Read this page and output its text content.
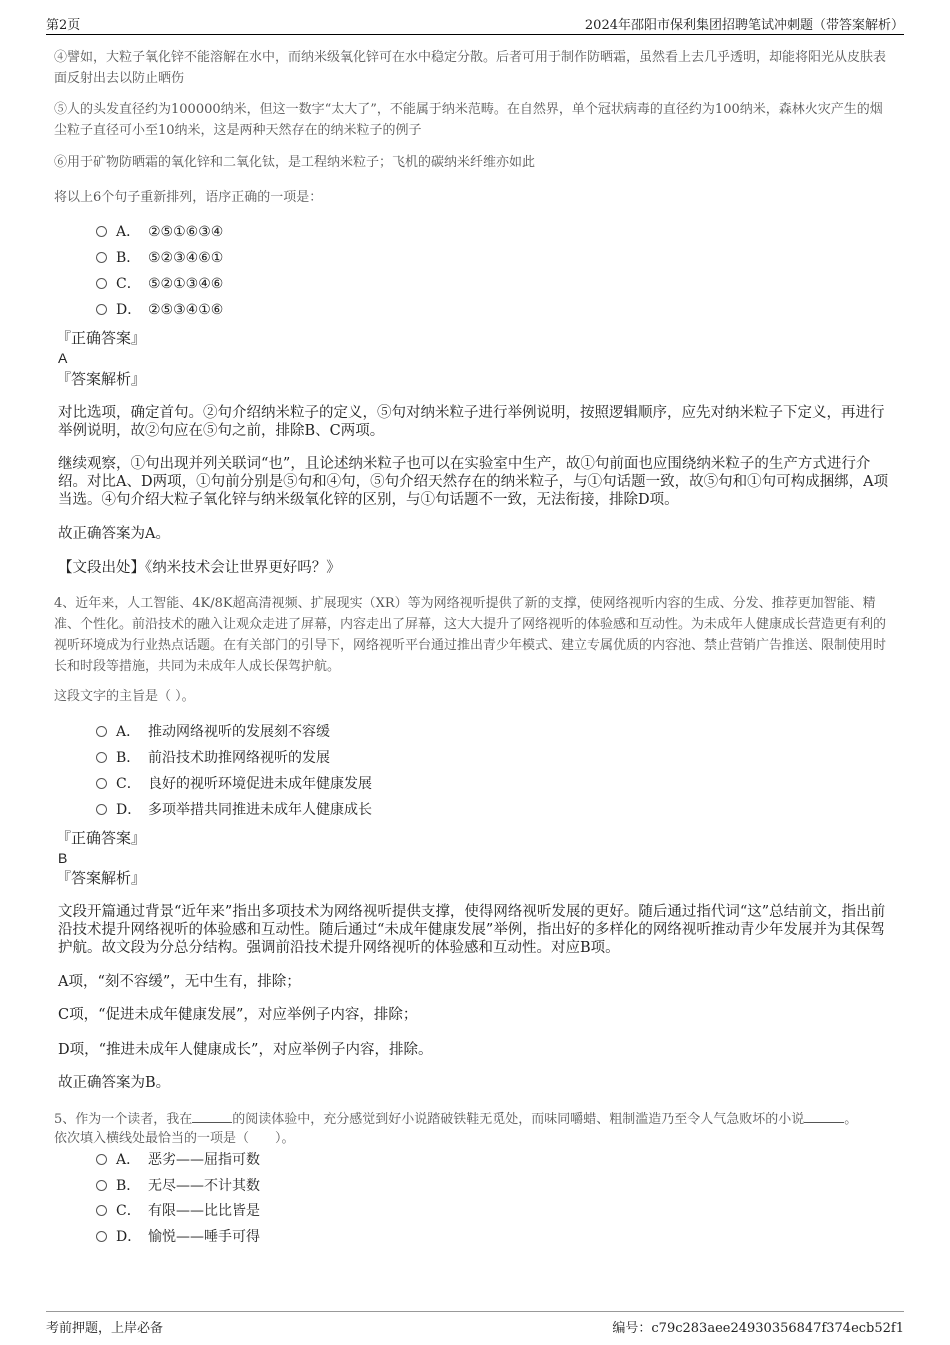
第2页	2024年邵阳市保利集团招聘笔试冲刺题（带答案解析）

④譬如，大粒子氧化锌不能溶解在水中，而纳米级氧化锌可在水中稳定分散。后者可用于制作防晒霜，虽然看上去几乎透明，却能将阳光从皮肤表面反射出去以防止晒伤

⑤人的头发直径约为100000纳米，但这一数字“太大了”，不能属于纳米范畴。在自然界，单个冠状病毒的直径约为100纳米，森林火灾产生的烟尘粒子直径可小至10纳米，这是两种天然存在的纳米粒子的例子

⑥用于矿物防晒霜的氧化锌和二氧化钛，是工程纳米粒子；飞机的碳纳米纤维亦如此

将以上6个句子重新排列，语序正确的一项是：

A． ②⑤①⑥③④
B． ⑤②③④⑥①
C． ⑤②①③④⑥
D． ②⑤③④①⑥
『正确答案』
A
『答案解析』

对比选项，确定首句。②句介绍纳米粒子的定义，⑤句对纳米粒子进行举例说明，按照逻辑顺序，应先对纳米粒子下定义，再进行举例说明，故②句应在⑤句之前，排除B、C两项。

继续观察，①句出现并列关联词“也”，且论述纳米粒子也可以在实验室中生产，故①句前面也应围绕纳米粒子的生产方式进行介绍。对比A、D两项，①句前分别是⑤句和④句，⑤句介绍天然存在的纳米粒子，与①句话题一致，故⑤句和①句可构成捆绑，A项当选。④句介绍大粒子氧化锌与纳米级氧化锌的区别，与①句话题不一致，无法衔接，排除D项。

故正确答案为A。

【文段出处】《纳米技术会让世界更好吗？》

4、近年来，人工智能、4K/8K超高清视频、扩展现实（XR）等为网络视听提供了新的支撑，使网络视听内容的生成、分发、推荐更加智能、精准、个性化。前沿技术的融入让观众走进了屏幕，内容走出了屏幕，这大大提升了网络视听的体验感和互动性。为未成年人健康成长营造更有利的视听环境成为行业热点话题。在有关部门的引导下，网络视听平台通过推出青少年模式、建立专属优质的内容池、禁止营销广告推送、限制使用时长和时段等措施，共同为未成年人成长保驾护航。

这段文字的主旨是（ ）。

A． 推动网络视听的发展刻不容缓
B． 前沿技术助推网络视听的发展
C． 良好的视听环境促进未成年健康发展
D． 多项举措共同推进未成年人健康成长
『正确答案』
B
『答案解析』

文段开篇通过背景“近年来”指出多项技术为网络视听提供支撑，使得网络视听发展的更好。随后通过指代词“这”总结前文，指出前沿技术提升网络视听的体验感和互动性。随后通过“未成年健康发展”举例，指出好的多样化的网络视听推动青少年发展并为其保驾护航。故文段为分总分结构。强调前沿技术提升网络视听的体验感和互动性。对应B项。

A项，“刻不容缓”，无中生有，排除；

C项，“促进未成年健康发展”，对应举例子内容，排除；

D项，“推进未成年人健康成长”，对应举例子内容，排除。

故正确答案为B。

5、作为一个读者，我在	的阅读体验中，充分感觉到好小说踏破铁鞋无觅处，而味同嚼蜡、粗制滥造乃至令人气急败坏的小说	。

依次填入横线处最恰当的一项是（　　）。

A． 恶劣——屈指可数
B． 无尽——不计其数
C． 有限——比比皆是
D． 愉悦——唾手可得
考前押题，上岸必备	编号：c79c283aee24930356847f374ecb52f1
